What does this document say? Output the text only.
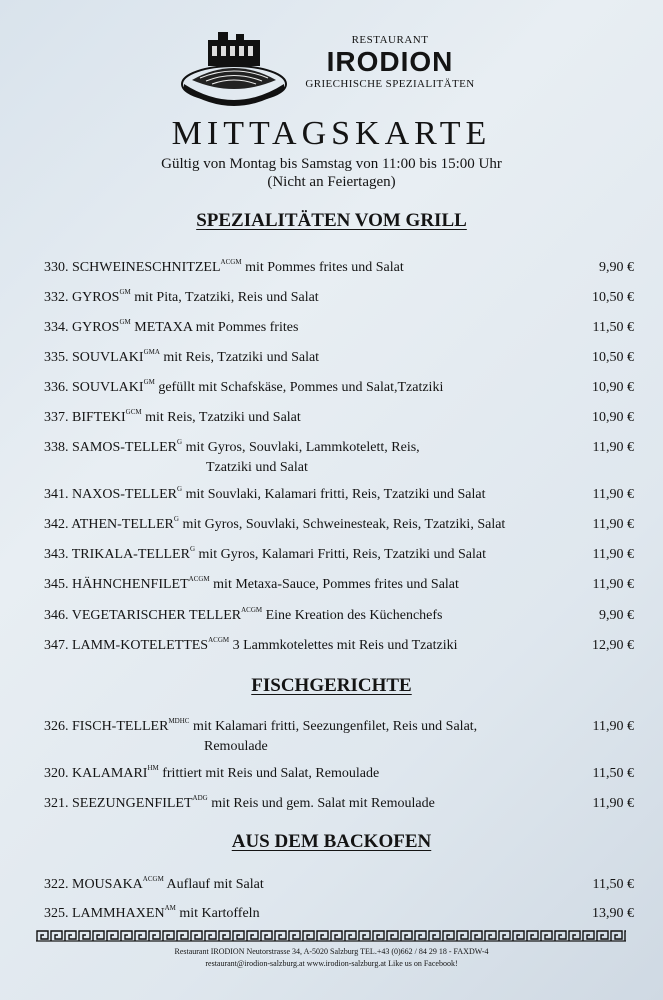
RESTAURANT
IRODION
GRIECHISCHE SPEZIALITÄTEN
MITTAGSKARTE
Gültig von Montag bis Samstag von 11:00 bis 15:00 Uhr
(Nicht an Feiertagen)
SPEZIALITÄTEN VOM GRILL
330. $SCHWEINESCHNITZEL^{ACGM}$ mit Pommes frites und Salat	9,90 €
332. $GYROS^{GM}$ mit Pita, Tzatziki, Reis und Salat	10,50 €
334. $GYROS^{GM}$ METAXA mit Pommes frites	11,50 €
335. $SOUVLAKI^{GMA}$ mit Reis, Tzatziki und Salat	10,50 €
336. $SOUVLAKI^{GM}$ gefüllt mit Schafskäse, Pommes und Salat,Tzatziki	10,90 €
337. $BIFTEKI^{GCM}$ mit Reis, Tzatziki und Salat	10,90 €
338. SAMOS-$TELLER^G$ mit Gyros, Souvlaki, Lammkotelett, Reis,	11,90 €
Tzatziki und Salat
341. NAXOS-$TELLER^G$ mit Souvlaki, Kalamari fritti, Reis, Tzatziki und Salat	11,90 €
342. ATHEN-$TELLER^G$ mit Gyros, Souvlaki, Schweinesteak, Reis, Tzatziki, Salat	11,90 €
343. TRIKALA-$TELLER^G$ mit Gyros, Kalamari Fritti, Reis, Tzatziki und Salat	11,90 €
345. $HÄHNCHENFILET^{ACGM}$ mit Metaxa-Sauce, Pommes frites und Salat	11,90 €
346. VEGETARISCHER $TELLER^{ACGM}$ Eine Kreation des Küchenchefs	9,90 €
347. LAMM-$KOTELETTES^{ACGM}$ 3 Lammkotelettes mit Reis und Tzatziki	12,90 €
FISCHGERICHTE
326. FISCH-$TELLER^{MDHC}$ mit Kalamari fritti, Seezungenfilet, Reis und Salat,	11,90 €
Remoulade
320. $KALAMARI^{HM}$ frittiert mit Reis und Salat, Remoulade	11,50 €
321. $SEEZUNGENFILET^{ADG}$ mit Reis und gem. Salat mit Remoulade	11,90 €
AUS DEM BACKOFEN
322. $MOUSAKA^{ACGM}$ Auflauf mit Salat	11,50 €
325. $LAMMHAXEN^{AM}$ mit Kartoffeln	13,90 €
Restaurant IRODION Neutorstrasse 34, A-5020 Salzburg TEL.+43 (0)662 / 84 29 18 - FAXDW-4
restaurant@irodion-salzburg.at www.irodion-salzburg.at Like us on Facebook!
